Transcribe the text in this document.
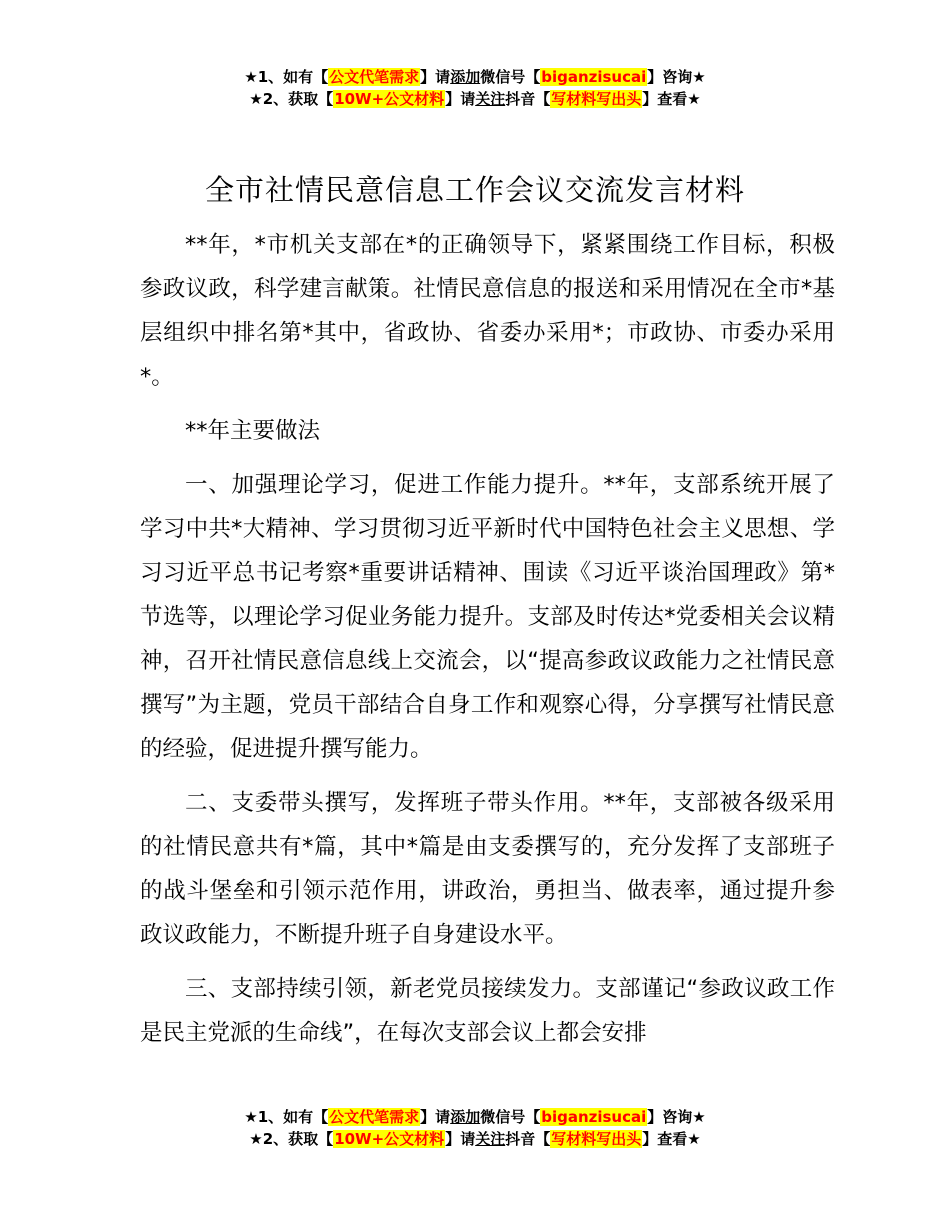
★1、如有【公文代笔需求】请添加微信号【biganzisucai】咨询★
★2、获取【10W+公文材料】请关注抖音【写材料写出头】查看★
全市社情民意信息工作会议交流发言材料

**年，*市机关支部在*的正确领导下，紧紧围绕工作目标，积极参政议政，科学建言献策。社情民意信息的报送和采用情况在全市*基层组织中排名第*其中，省政协、省委办采用*；市政协、市委办采用*。

**年主要做法

一、加强理论学习，促进工作能力提升。**年，支部系统开展了学习中共*大精神、学习贯彻习近平新时代中国特色社会主义思想、学习习近平总书记考察*重要讲话精神、围读《习近平谈治国理政》第*节选等，以理论学习促业务能力提升。支部及时传达*党委相关会议精神，召开社情民意信息线上交流会，以“提高参政议政能力之社情民意撰写”为主题，党员干部结合自身工作和观察心得，分享撰写社情民意的经验，促进提升撰写能力。

二、支委带头撰写，发挥班子带头作用。**年，支部被各级采用的社情民意共有*篇，其中*篇是由支委撰写的，充分发挥了支部班子的战斗堡垒和引领示范作用，讲政治，勇担当、做表率，通过提升参政议政能力，不断提升班子自身建设水平。

三、支部持续引领，新老党员接续发力。支部谨记“参政议政工作是民主党派的生命线”，在每次支部会议上都会安排

★1、如有【公文代笔需求】请添加微信号【biganzisucai】咨询★
★2、获取【10W+公文材料】请关注抖音【写材料写出头】查看★
